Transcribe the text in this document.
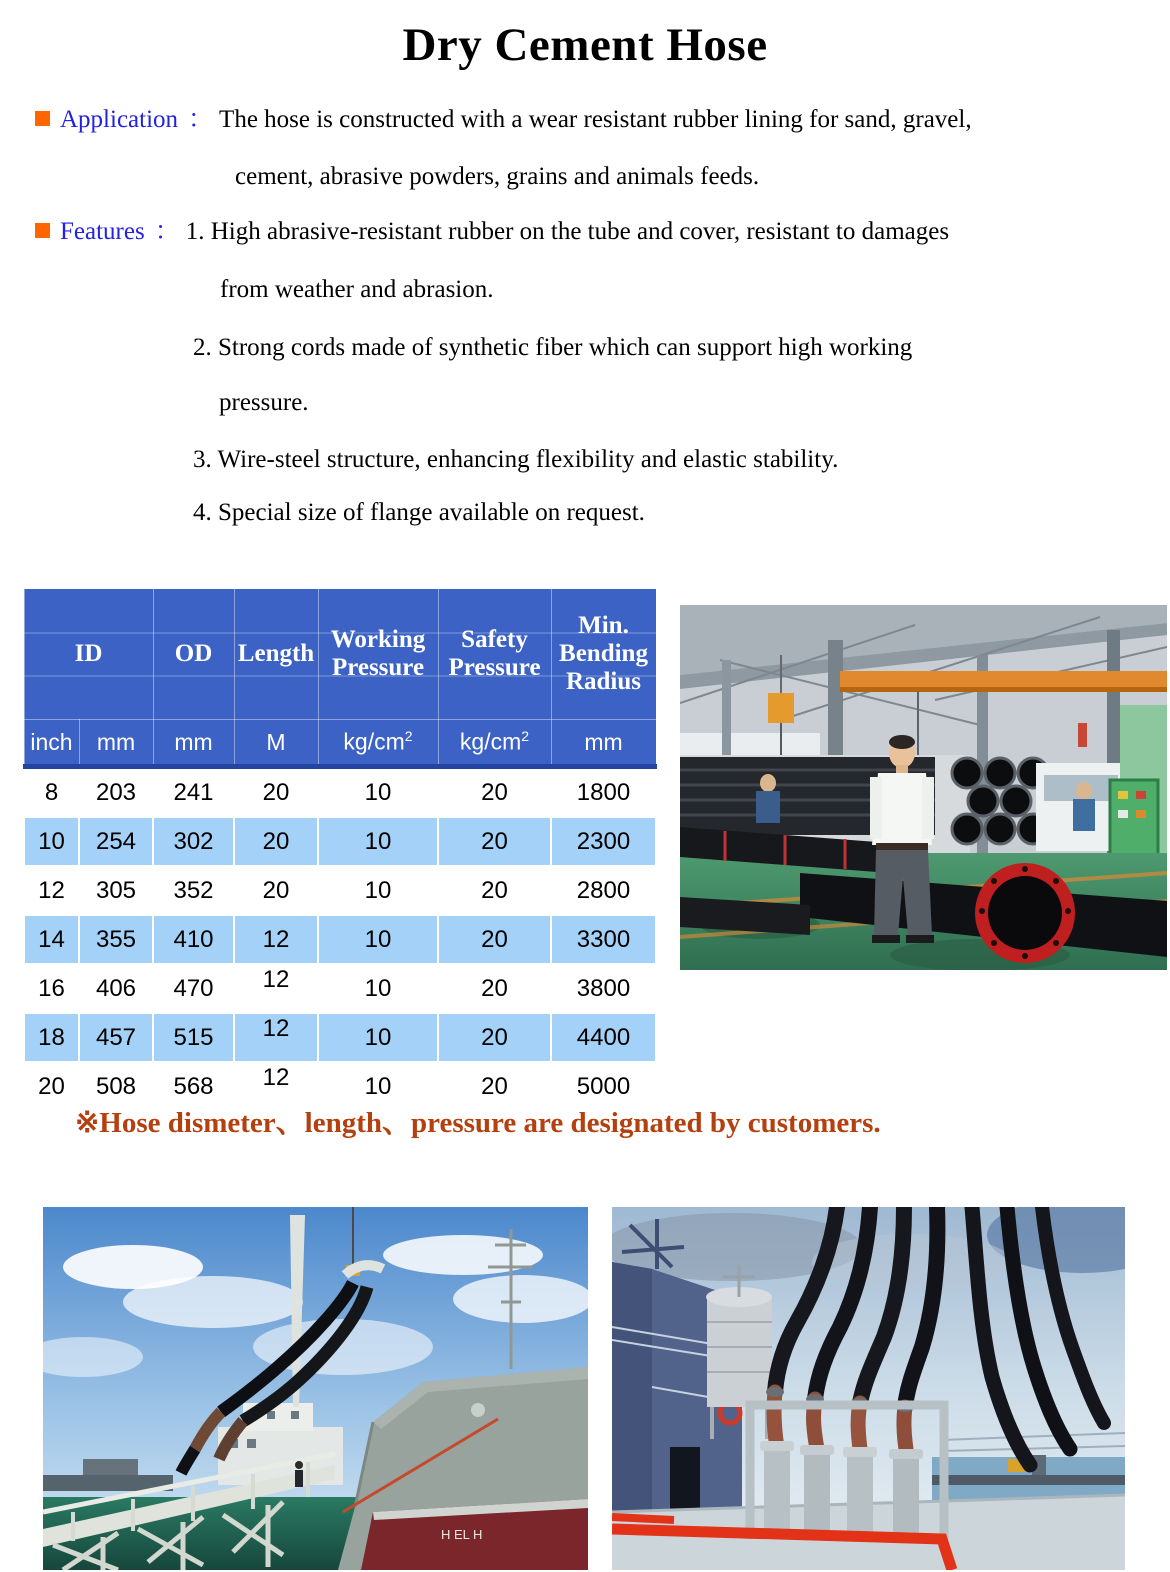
Dry Cement Hose
Application ： The hose is constructed with a wear resistant rubber lining for sand, gravel,
cement, abrasive powders, grains and animals feeds.
Features ： 1. High abrasive-resistant rubber on the tube and cover, resistant to damages
from weather and abrasion.
2. Strong cords made of synthetic fiber which can support high working
pressure.
3. Wire-steel structure, enhancing flexibility and elastic stability.
4. Special size of flange available on request.
ID		OD	Length	Working Pressure	Safety Pressure	Min. Bending Radius
inch	mm	mm	M	$kg/cm^2$	$kg/cm^2$	mm
8	203	241	20	10	20	1800
10	254	302	20	10	20	2300
12	305	352	20	10	20	2800
14	355	410	12	10	20	3300
16	406	470	12	10	20	3800
18	457	515	12	10	20	4400
20	508	568	12	10	20	5000
H EL H
※Hose dismeter、length、pressure are designated by customers.
